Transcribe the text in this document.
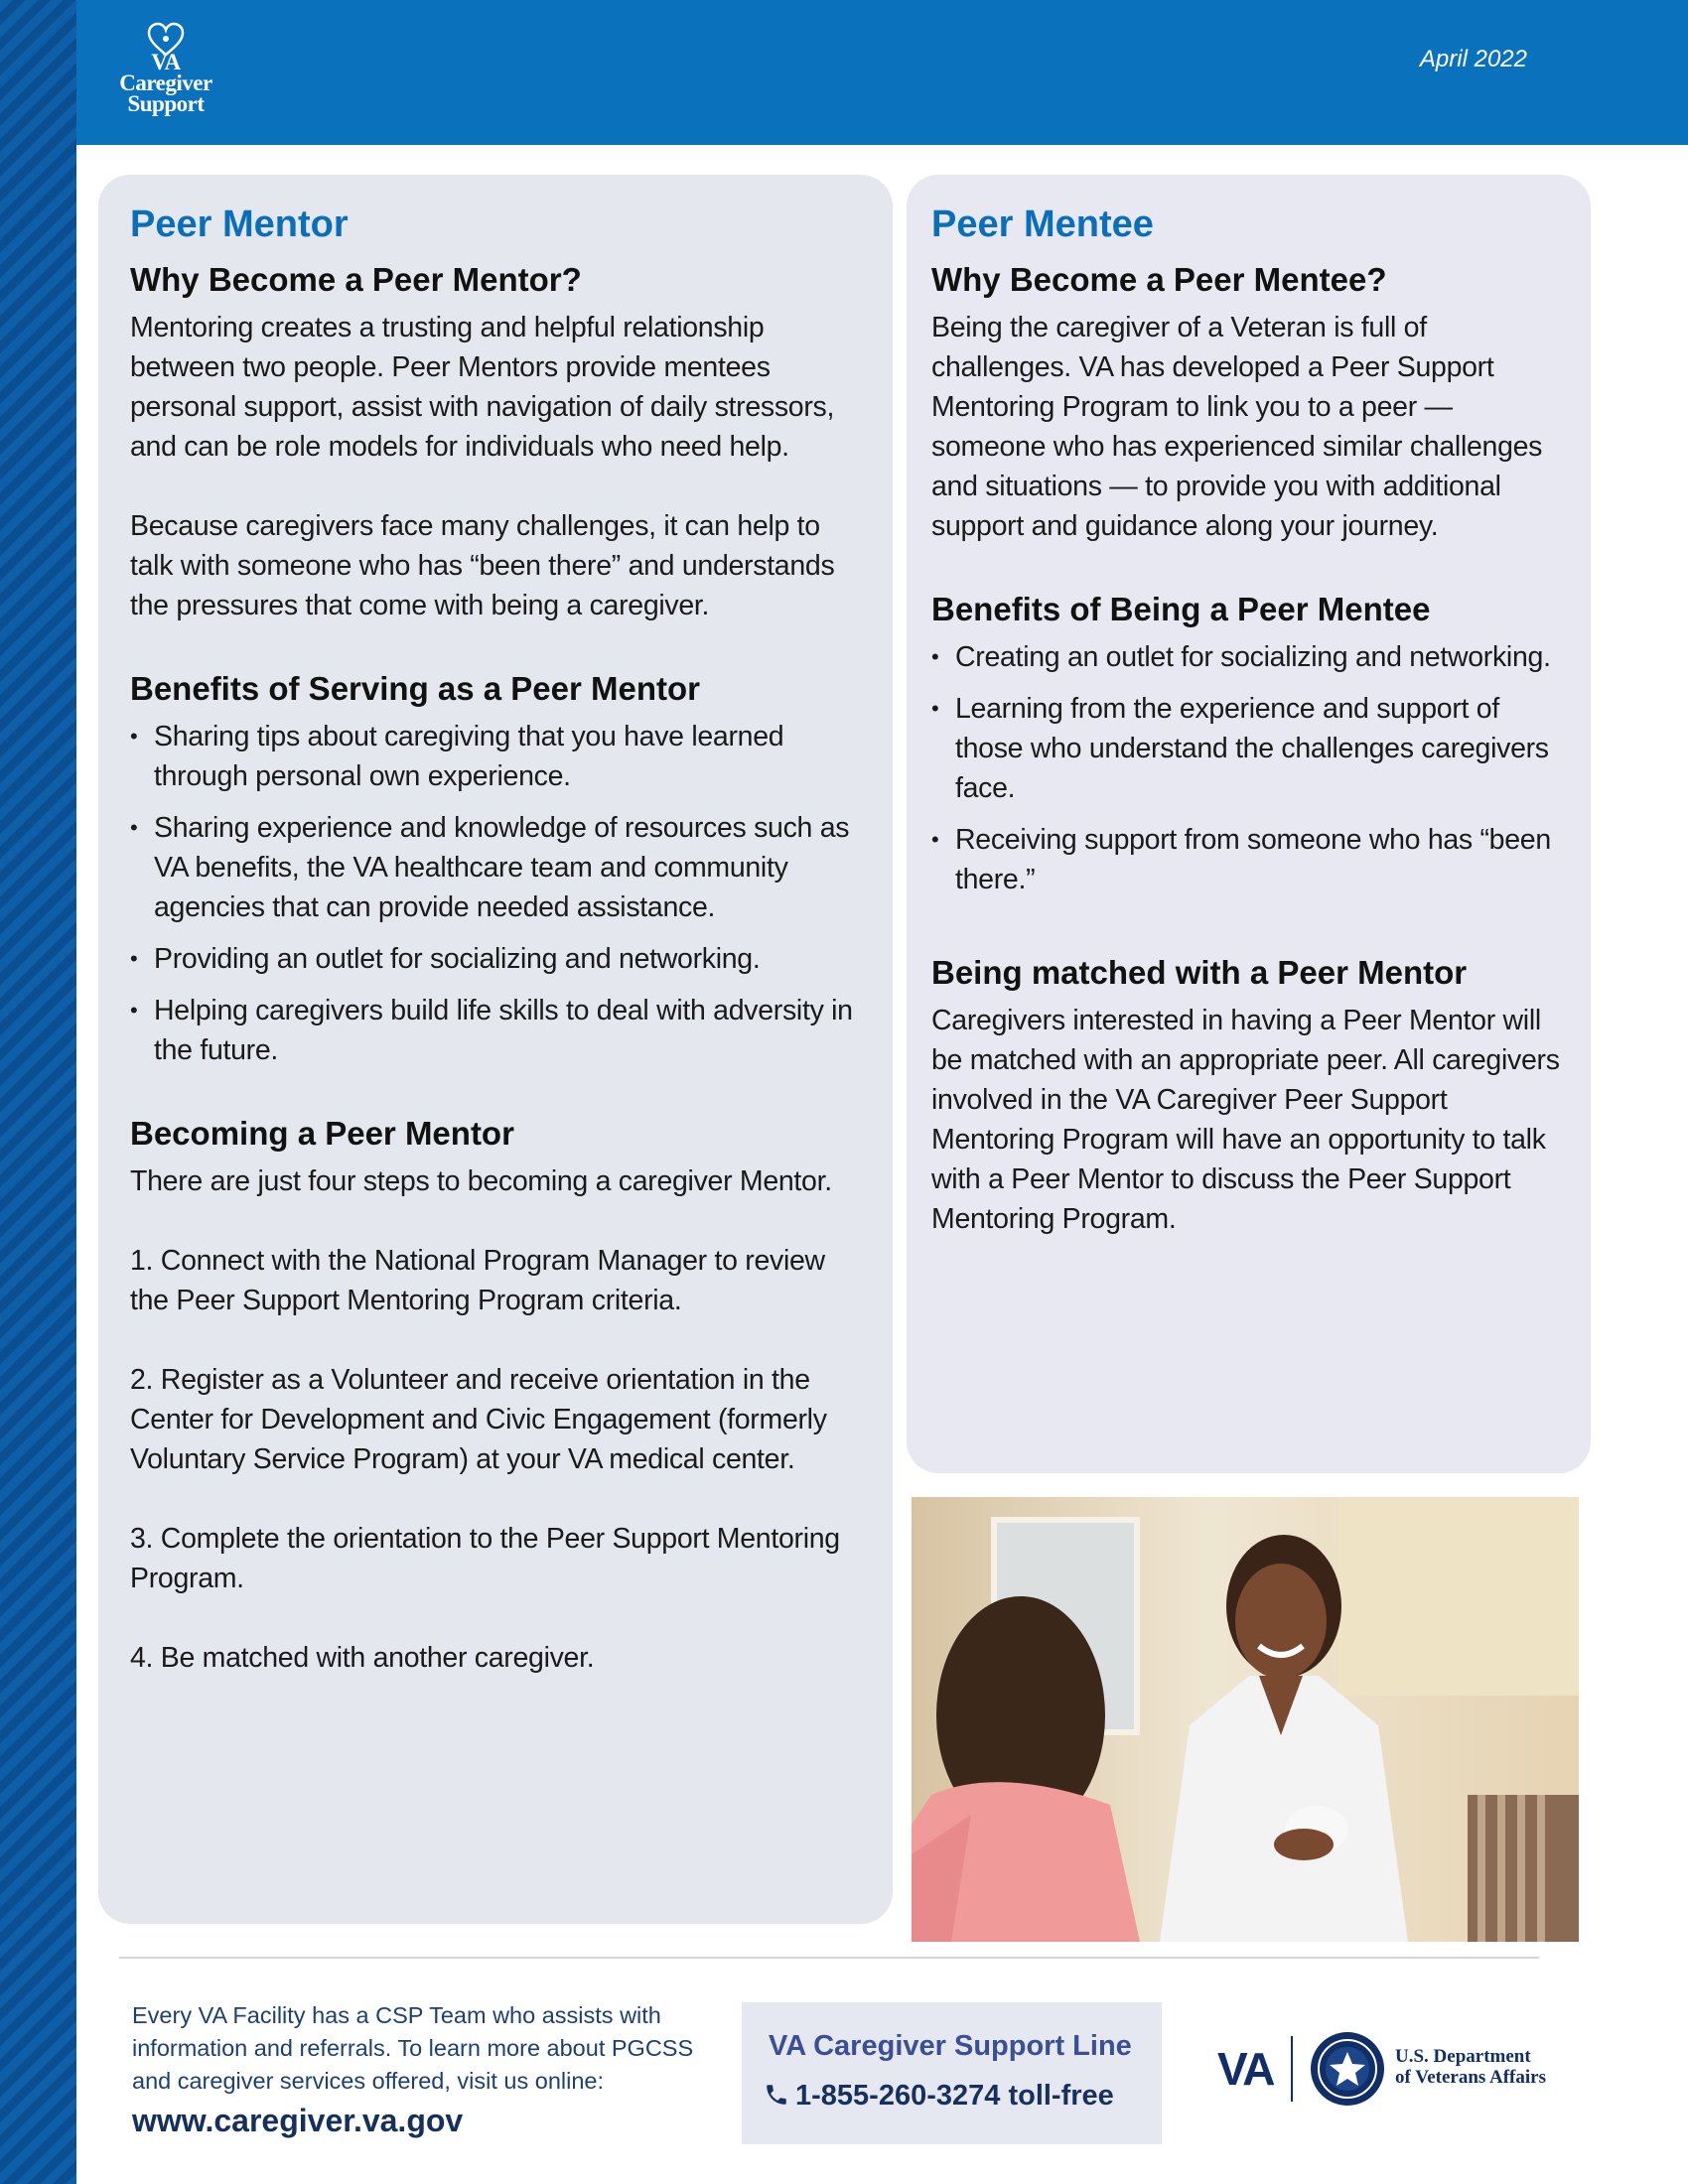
VA
Caregiver
Support
April 2022
Peer Mentor
Why Become a Peer Mentor?

Mentoring creates a trusting and helpful relationship between two people. Peer Mentors provide mentees personal support, assist with navigation of daily stressors, and can be role models for individuals who need help.

Because caregivers face many challenges, it can help to talk with someone who has “been there” and understands the pressures that come with being a caregiver.

Benefits of Serving as a Peer Mentor
• Sharing tips about caregiving that you have learned through personal own experience.
• Sharing experience and knowledge of resources such as VA benefits, the VA healthcare team and community agencies that can provide needed assistance.
• Providing an outlet for socializing and networking.
• Helping caregivers build life skills to deal with adversity in the future.
Becoming a Peer Mentor

There are just four steps to becoming a caregiver Mentor.

1. Connect with the National Program Manager to review the Peer Support Mentoring Program criteria.

2. Register as a Volunteer and receive orientation in the Center for Development and Civic Engagement (formerly Voluntary Service Program) at your VA medical center.

3. Complete the orientation to the Peer Support Mentoring Program.

4. Be matched with another caregiver.

Peer Mentee
Why Become a Peer Mentee?

Being the caregiver of a Veteran is full of challenges. VA has developed a Peer Support Mentoring Program to link you to a peer — someone who has experienced similar challenges and situations — to provide you with additional support and guidance along your journey.

Benefits of Being a Peer Mentee
• Creating an outlet for socializing and networking.
• Learning from the experience and support of those who understand the challenges caregivers face.
• Receiving support from someone who has “been there.”
Being matched with a Peer Mentor

Caregivers interested in having a Peer Mentor will be matched with an appropriate peer. All caregivers involved in the VA Caregiver Peer Support Mentoring Program will have an opportunity to talk with a Peer Mentor to discuss the Peer Support Mentoring Program.

Every VA Facility has a CSP Team who assists with information and referrals. To learn more about PGCSS and caregiver services offered, visit us online:

www.caregiver.va.gov
VA Caregiver Support Line
1-855-260-3274 toll-free
VA	U.S. Department
of Veterans Affairs
